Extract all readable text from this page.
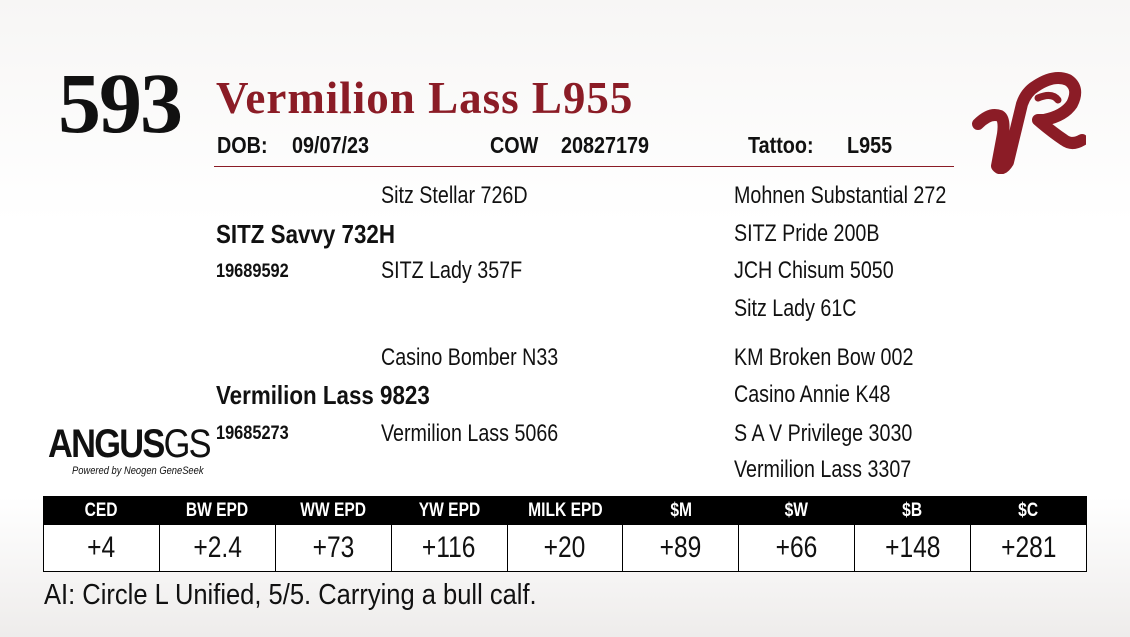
593 Vermilion Lass L955
DOB: 09/07/23	COW 20827179	Tattoo: L955
Sitz Stellar 726D	Mohnen Substantial 272
SITZ Savvy 732H	SITZ Pride 200B
19689592	SITZ Lady 357F	JCH Chisum 5050
Sitz Lady 61C
Casino Bomber N33	KM Broken Bow 002
Vermilion Lass 9823	Casino Annie K48
19685273	Vermilion Lass 5066	S A V Privilege 3030
Vermilion Lass 3307
ANGUSGS
Powered by Neogen GeneSeek
CED	BW EPD	WW EPD	YW EPD	MILK EPD	$M	$W	$B	$C
+4	+2.4	+73	+116	+20	+89	+66	+148	+281
AI: Circle L Unified, 5/5. Carrying a bull calf.
